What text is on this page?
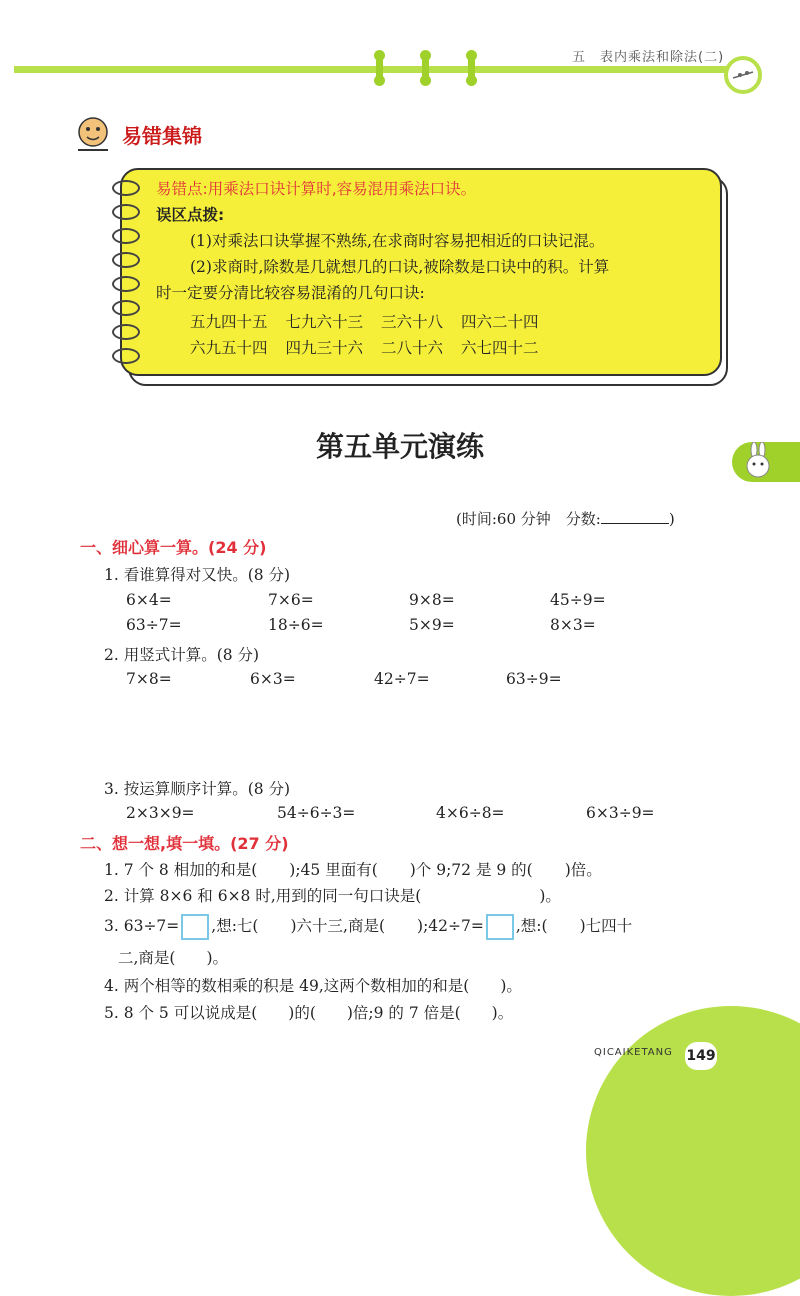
五　表内乘法和除法(二)
易错集锦
易错点:用乘法口诀计算时,容易混用乘法口诀。
误区点拨:
(1)对乘法口诀掌握不熟练,在求商时容易把相近的口诀记混。
(2)求商时,除数是几就想几的口诀,被除数是口诀中的积。计算
时一定要分清比较容易混淆的几句口诀:
五九四十五 七九六十三 三六十八 四六二十四
六九五十四 四九三十六 二八十六 六七四十二
第五单元演练
(时间:60 分钟　分数:	)
一、细心算一算。(24 分)
1. 看谁算得对又快。(8 分)
6×4=	7×6=	9×8=	45÷9=
63÷7=	18÷6=	5×9=	8×3=
2. 用竖式计算。(8 分)
7×8=	6×3=	42÷7=	63÷9=
3. 按运算顺序计算。(8 分)
2×3×9=	54÷6÷3=	4×6÷8=	6×3÷9=
二、想一想,填一填。(27 分)
1. 7 个 8 相加的和是( );45 里面有( )个 9;72 是 9 的( )倍。
2. 计算 8×6 和 6×8 时,用到的同一句口诀是(	)。
3. 63÷7= ,想:七( )六十三,商是( );42÷7= ,想:( )七四十
二,商是(　　)。
4. 两个相等的数相乘的积是 49,这两个数相加的和是(　　)。
5. 8 个 5 可以说成是(　　)的(　　)倍;9 的 7 倍是(　　)。
QICAIKETANG 149
